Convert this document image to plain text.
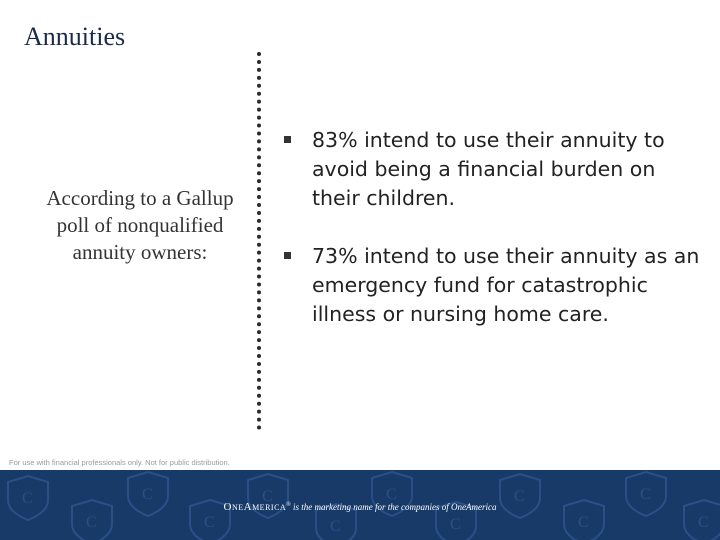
Annuities
According to a Gallup poll of nonqualified annuity owners:
83% intend to use their annuity to avoid being a financial burden on their children.
73% intend to use their annuity as an emergency fund for catastrophic illness or nursing home care.
For use with financial professionals only. Not for public distribution.
C
C
C
C
C
C
C
C
C
C
C
C
OneAmerica® is the marketing name for the companies of OneAmerica
